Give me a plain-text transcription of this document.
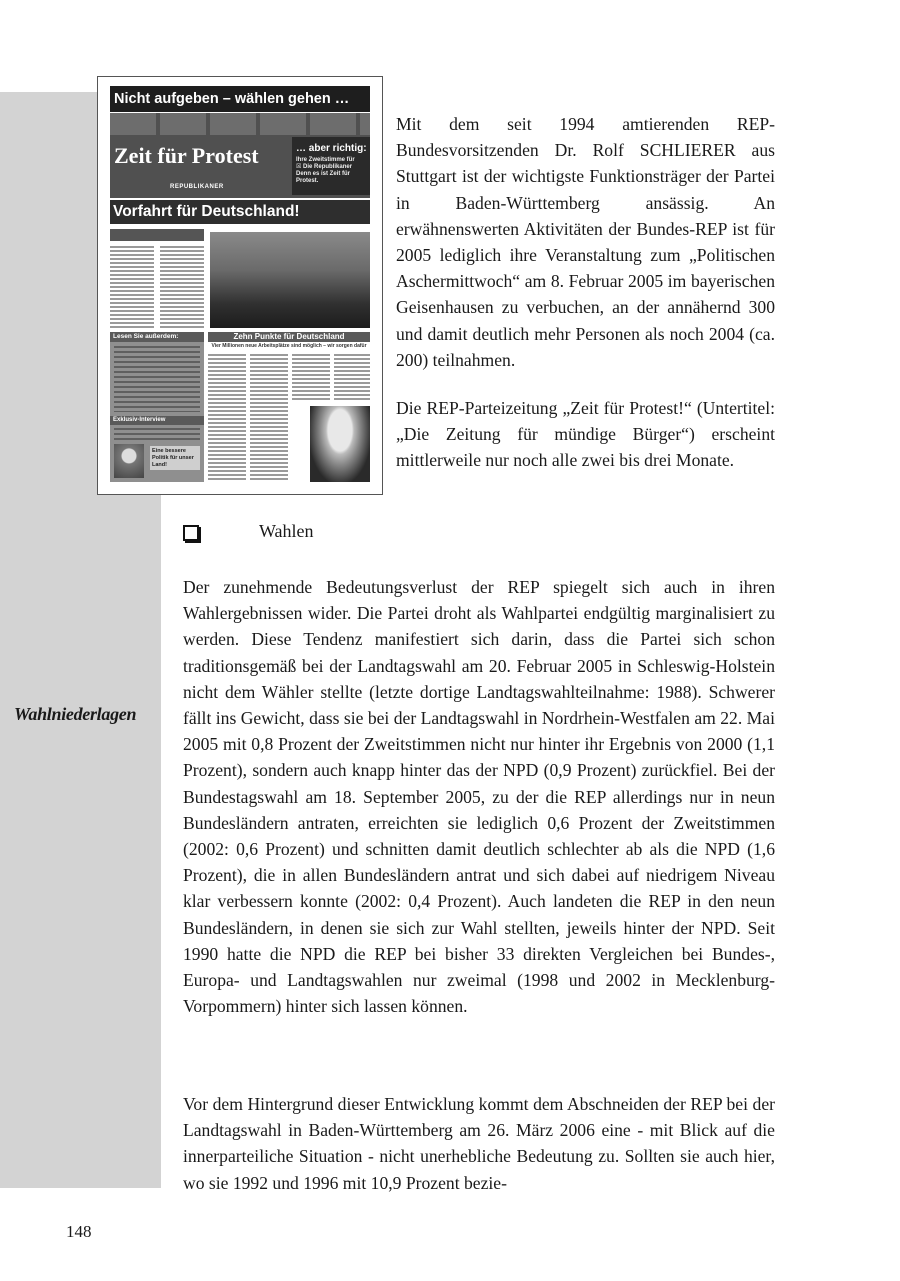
Nicht aufgeben – wählen gehen …
Zeit für Protest	… aber richtig:
Ihre Zweitstimme für
☒ Die Republikaner
Denn es ist Zeit für Protest.
REPUBLIKANER
Vorfahrt für Deutschland!
Lesen Sie außerdem:
Exklusiv-Interview
Eine bessere Politik für unser Land!
Zehn Punkte für Deutschland
Vier Millionen neue Arbeitsplätze sind möglich – wir sorgen dafür

Mit dem seit 1994 amtierenden REP-Bundesvorsitzenden Dr. Rolf SCHLIERER aus Stuttgart ist der wichtigste Funktionsträger der Partei in Baden-Württemberg ansässig. An erwähnenswerten Aktivitäten der Bundes-REP ist für 2005 lediglich ihre Veranstaltung zum „Politischen Aschermittwoch“ am 8. Februar 2005 im bayerischen Geisenhausen zu verbuchen, an der annähernd 300 und damit deutlich mehr Personen als noch 2004 (ca. 200) teilnahmen.

Die REP-Parteizeitung „Zeit für Protest!“ (Untertitel: „Die Zeitung für mündige Bürger“) erscheint mittlerweile nur noch alle zwei bis drei Monate.

Wahlen
Wahlniederlagen

Der zunehmende Bedeutungsverlust der REP spiegelt sich auch in ihren Wahlergebnissen wider. Die Partei droht als Wahlpartei endgültig marginalisiert zu werden. Diese Tendenz manifestiert sich darin, dass die Partei sich schon traditionsgemäß bei der Landtagswahl am 20. Februar 2005 in Schleswig-Holstein nicht dem Wähler stellte (letzte dortige Landtagswahlteilnahme: 1988). Schwerer fällt ins Gewicht, dass sie bei der Landtagswahl in Nordrhein-Westfalen am 22. Mai 2005 mit 0,8 Prozent der Zweitstimmen nicht nur hinter ihr Ergebnis von 2000 (1,1 Prozent), sondern auch knapp hinter das der NPD (0,9 Prozent) zurückfiel. Bei der Bundestagswahl am 18. September 2005, zu der die REP allerdings nur in neun Bundesländern antraten, erreichten sie lediglich 0,6 Prozent der Zweitstimmen (2002: 0,6 Prozent) und schnitten damit deutlich schlechter ab als die NPD (1,6 Prozent), die in allen Bundesländern antrat und sich dabei auf niedrigem Niveau klar verbessern konnte (2002: 0,4 Prozent). Auch landeten die REP in den neun Bundesländern, in denen sie sich zur Wahl stellten, jeweils hinter der NPD. Seit 1990 hatte die NPD die REP bei bisher 33 direkten Vergleichen bei Bundes-, Europa- und Landtagswahlen nur zweimal (1998 und 2002 in Mecklenburg-Vorpommern) hinter sich lassen können.

Vor dem Hintergrund dieser Entwicklung kommt dem Abschneiden der REP bei der Landtagswahl in Baden-Württemberg am 26. März 2006 eine - mit Blick auf die innerparteiliche Situation - nicht unerhebliche Bedeutung zu. Sollten sie auch hier, wo sie 1992 und 1996 mit 10,9 Prozent bezie-

148
